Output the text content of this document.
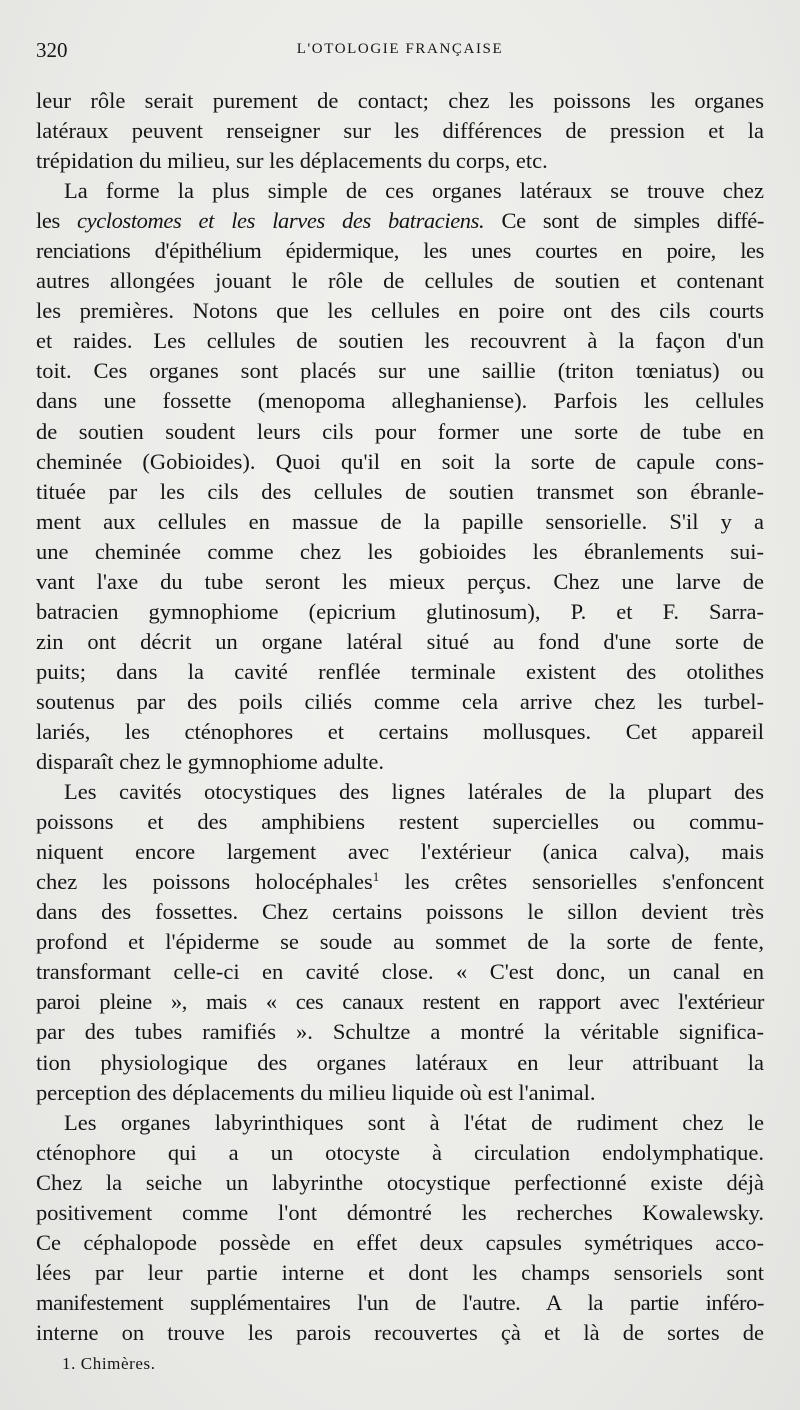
320	L'OTOLOGIE FRANÇAISE
leur rôle serait purement de contact; chez les poissons les organes
latéraux peuvent renseigner sur les différences de pression et la
trépidation du milieu, sur les déplacements du corps, etc.
La forme la plus simple de ces organes latéraux se trouve chez
les cyclostomes et les larves des batraciens. Ce sont de simples diffé-
renciations d'épithélium épidermique, les unes courtes en poire, les
autres allongées jouant le rôle de cellules de soutien et contenant
les premières. Notons que les cellules en poire ont des cils courts
et raides. Les cellules de soutien les recouvrent à la façon d'un
toit. Ces organes sont placés sur une saillie (triton tœniatus) ou
dans une fossette (menopoma alleghaniense). Parfois les cellules
de soutien soudent leurs cils pour former une sorte de tube en
cheminée (Gobioides). Quoi qu'il en soit la sorte de capule cons-
tituée par les cils des cellules de soutien transmet son ébranle-
ment aux cellules en massue de la papille sensorielle. S'il y a
une cheminée comme chez les gobioides les ébranlements sui-
vant l'axe du tube seront les mieux perçus. Chez une larve de
batracien gymnophiome (epicrium glutinosum), P. et F. Sarra-
zin ont décrit un organe latéral situé au fond d'une sorte de
puits; dans la cavité renflée terminale existent des otolithes
soutenus par des poils ciliés comme cela arrive chez les turbel-
lariés, les cténophores et certains mollusques. Cet appareil
disparaît chez le gymnophiome adulte.
Les cavités otocystiques des lignes latérales de la plupart des
poissons et des amphibiens restent supercielles ou commu-
niquent encore largement avec l'extérieur (anica calva), mais
chez les poissons holocéphales$^1$ les crêtes sensorielles s'enfoncent
dans des fossettes. Chez certains poissons le sillon devient très
profond et l'épiderme se soude au sommet de la sorte de fente,
transformant celle-ci en cavité close. « C'est donc, un canal en
paroi pleine », mais « ces canaux restent en rapport avec l'extérieur
par des tubes ramifiés ». Schultze a montré la véritable significa-
tion physiologique des organes latéraux en leur attribuant la
perception des déplacements du milieu liquide où est l'animal.
Les organes labyrinthiques sont à l'état de rudiment chez le
cténophore qui a un otocyste à circulation endolymphatique.
Chez la seiche un labyrinthe otocystique perfectionné existe déjà
positivement comme l'ont démontré les recherches Kowalewsky.
Ce céphalopode possède en effet deux capsules symétriques acco-
lées par leur partie interne et dont les champs sensoriels sont
manifestement supplémentaires l'un de l'autre. A la partie inféro-
interne on trouve les parois recouvertes çà et là de sortes de
1. Chimères.
